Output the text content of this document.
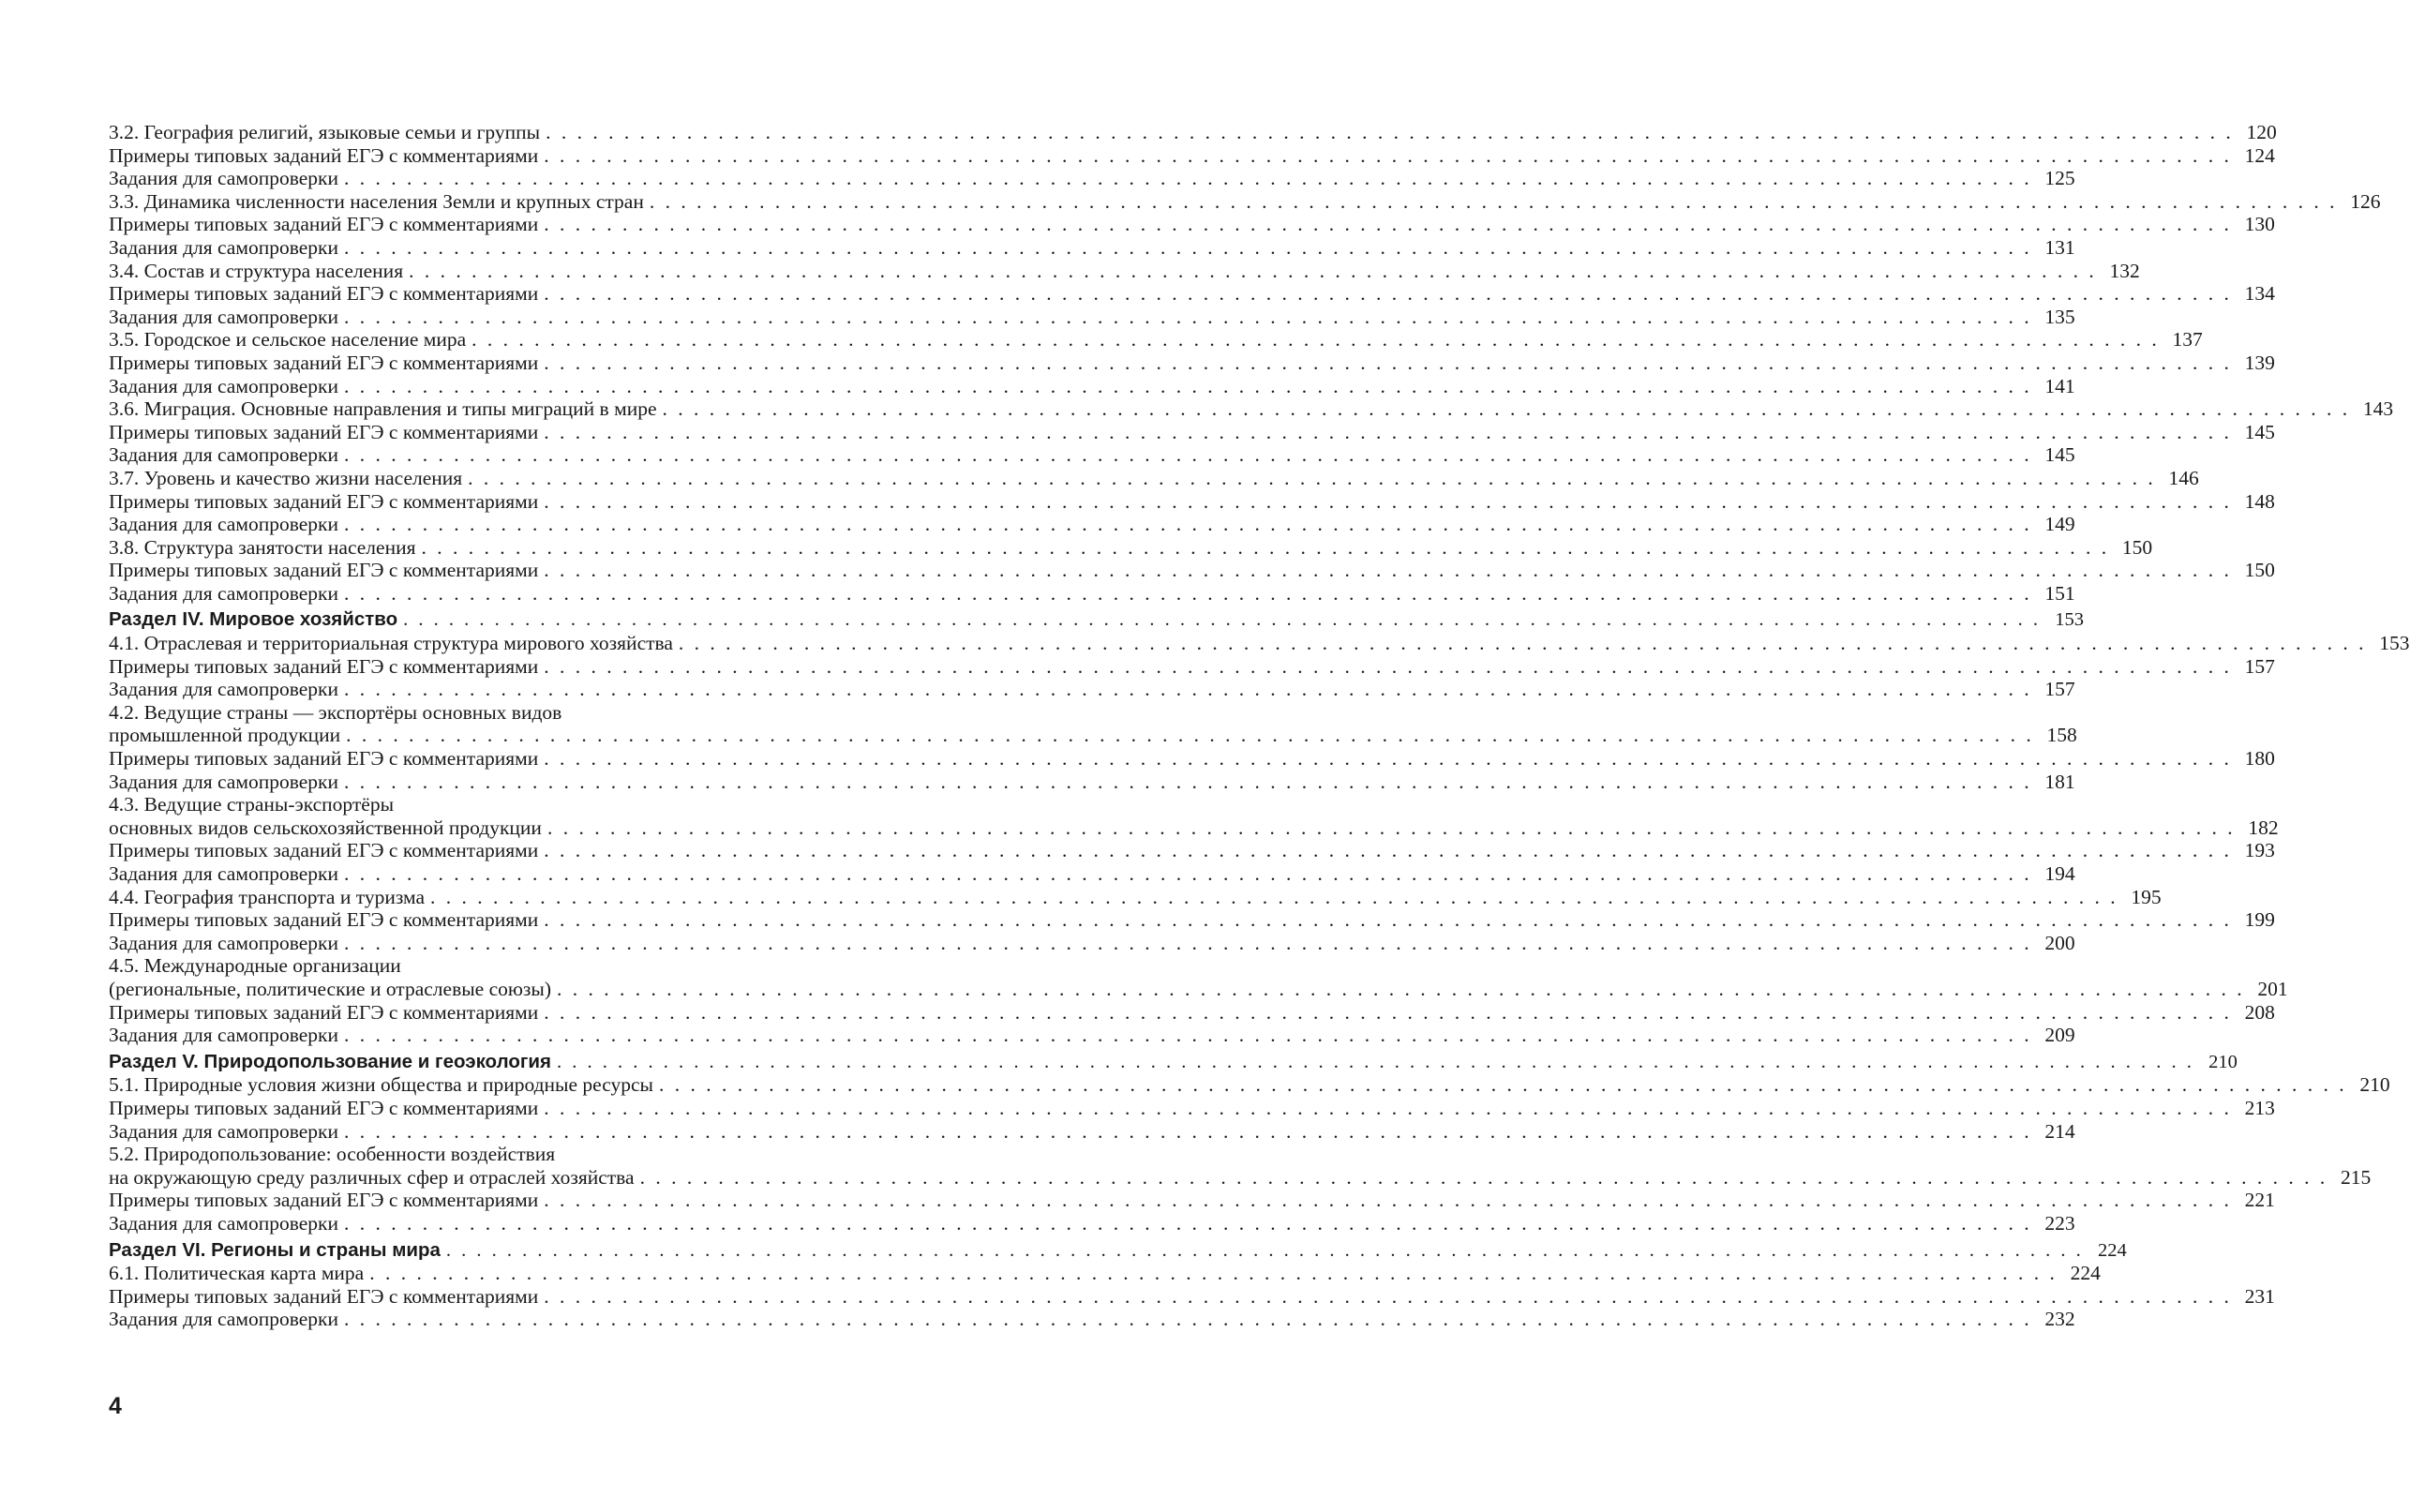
3.2. География религий, языковые семьи и группы . . .	120
Примеры типовых заданий ЕГЭ с комментариями . . .	124
Задания для самопроверки . . .	125
3.3. Динамика численности населения Земли и крупных стран . . .	126
Примеры типовых заданий ЕГЭ с комментариями . . .	130
Задания для самопроверки . . .	131
3.4. Состав и структура населения . . .	132
Примеры типовых заданий ЕГЭ с комментариями . . .	134
Задания для самопроверки . . .	135
3.5. Городское и сельское население мира . . .	137
Примеры типовых заданий ЕГЭ с комментариями . . .	139
Задания для самопроверки . . .	141
3.6. Миграция. Основные направления и типы миграций в мире . . .	143
Примеры типовых заданий ЕГЭ с комментариями . . .	145
Задания для самопроверки . . .	145
3.7. Уровень и качество жизни населения . . .	146
Примеры типовых заданий ЕГЭ с комментариями . . .	148
Задания для самопроверки . . .	149
3.8. Структура занятости населения . . .	150
Примеры типовых заданий ЕГЭ с комментариями . . .	150
Задания для самопроверки . . .	151
Раздел IV. Мировое хозяйство . . .	153
4.1. Отраслевая и территориальная структура мирового хозяйства . . .	153
Примеры типовых заданий ЕГЭ с комментариями . . .	157
Задания для самопроверки . . .	157
4.2. Ведущие страны — экспортёры основных видов
промышленной продукции . . .	158
Примеры типовых заданий ЕГЭ с комментариями . . .	180
Задания для самопроверки . . .	181
4.3. Ведущие страны-экспортёры
основных видов сельскохозяйственной продукции . . .	182
Примеры типовых заданий ЕГЭ с комментариями . . .	193
Задания для самопроверки . . .	194
4.4. География транспорта и туризма . . .	195
Примеры типовых заданий ЕГЭ с комментариями . . .	199
Задания для самопроверки . . .	200
4.5. Международные организации
(региональные, политические и отраслевые союзы) . . .	201
Примеры типовых заданий ЕГЭ с комментариями . . .	208
Задания для самопроверки . . .	209
Раздел V. Природопользование и геоэкология . . .	210
5.1. Природные условия жизни общества и природные ресурсы . . .	210
Примеры типовых заданий ЕГЭ с комментариями . . .	213
Задания для самопроверки . . .	214
5.2. Природопользование: особенности воздействия
на окружающую среду различных сфер и отраслей хозяйства . . .	215
Примеры типовых заданий ЕГЭ с комментариями . . .	221
Задания для самопроверки . . .	223
Раздел VI. Регионы и страны мира . . .	224
6.1. Политическая карта мира . . .	224
Примеры типовых заданий ЕГЭ с комментариями . . .	231
Задания для самопроверки . . .	232
4
